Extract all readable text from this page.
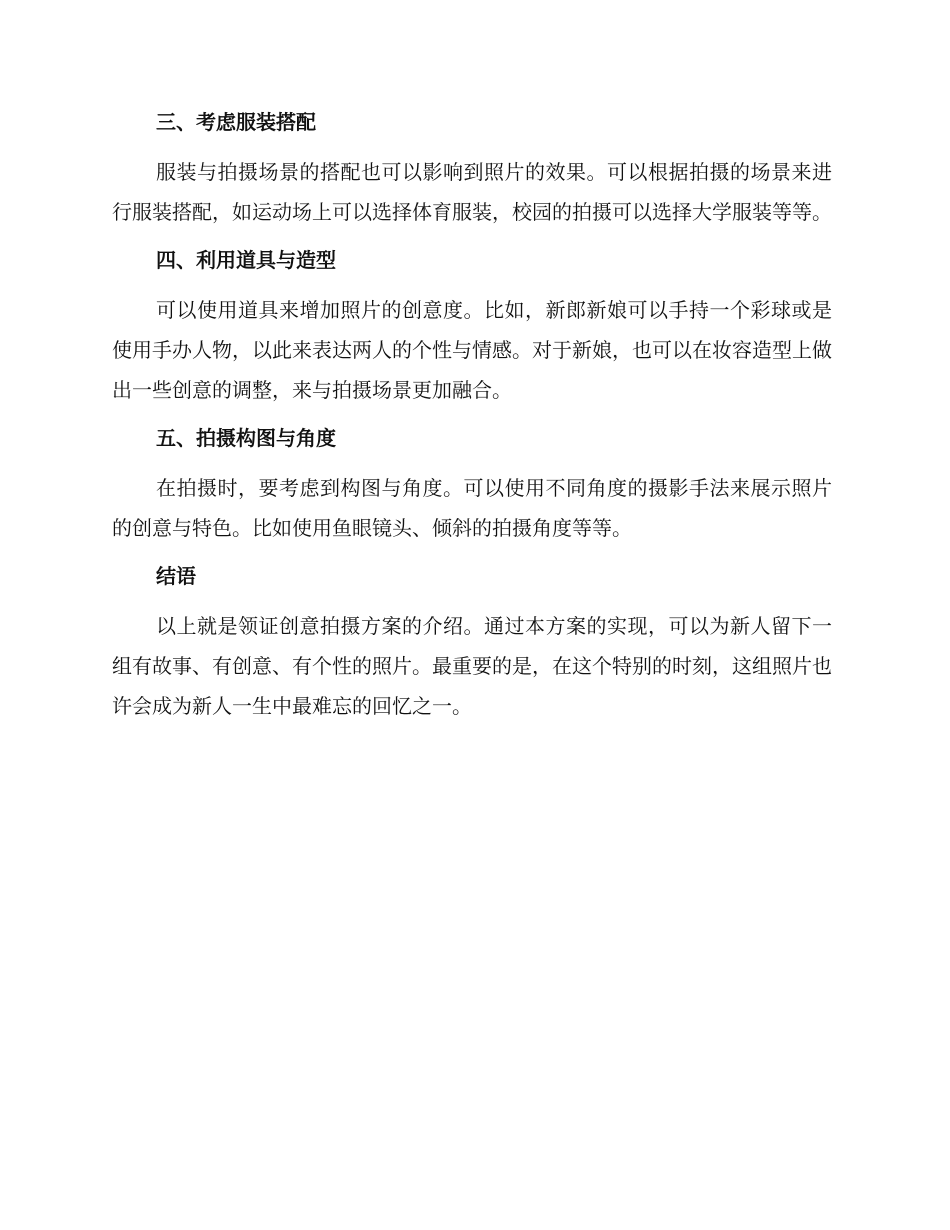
三、考虑服装搭配

服装与拍摄场景的搭配也可以影响到照片的效果。可以根据拍摄的场景来进行服装搭配，如运动场上可以选择体育服装，校园的拍摄可以选择大学服装等等。

四、利用道具与造型

可以使用道具来增加照片的创意度。比如，新郎新娘可以手持一个彩球或是使用手办人物，以此来表达两人的个性与情感。对于新娘，也可以在妆容造型上做出一些创意的调整，来与拍摄场景更加融合。

五、拍摄构图与角度

在拍摄时，要考虑到构图与角度。可以使用不同角度的摄影手法来展示照片的创意与特色。比如使用鱼眼镜头、倾斜的拍摄角度等等。

结语

以上就是领证创意拍摄方案的介绍。通过本方案的实现，可以为新人留下一组有故事、有创意、有个性的照片。最重要的是，在这个特别的时刻，这组照片也许会成为新人一生中最难忘的回忆之一。
